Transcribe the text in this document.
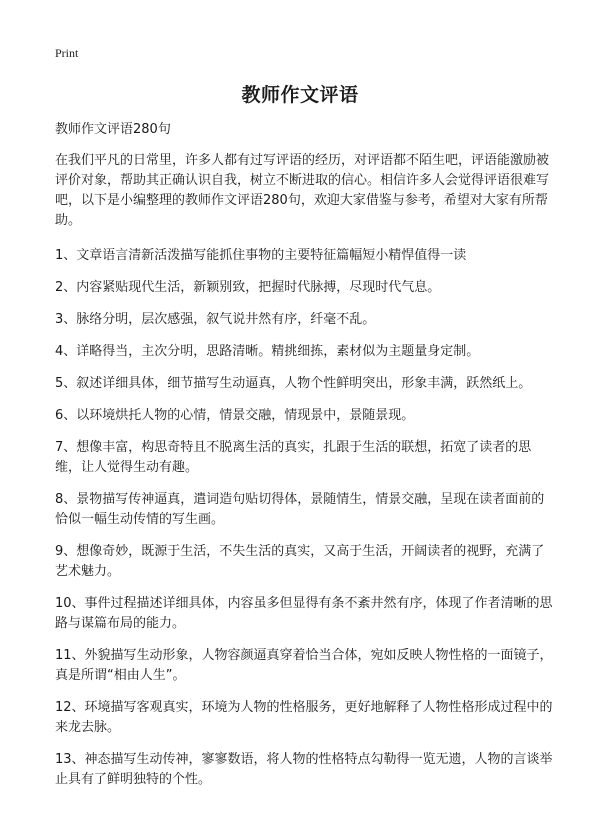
Print
教师作文评语

教师作文评语280句

在我们平凡的日常里，许多人都有过写评语的经历，对评语都不陌生吧，评语能激励被评价对象，帮助其正确认识自我，树立不断进取的信心。相信许多人会觉得评语很难写吧，以下是小编整理的教师作文评语280句，欢迎大家借鉴与参考，希望对大家有所帮助。

1、文章语言清新活泼描写能抓住事物的主要特征篇幅短小精悍值得一读
2、内容紧贴现代生活，新颖别致，把握时代脉搏，尽现时代气息。
3、脉络分明，层次感强，叙气说井然有序，纤毫不乱。
4、详略得当，主次分明，思路清晰。精挑细拣，素材似为主题量身定制。
5、叙述详细具体，细节描写生动逼真，人物个性鲜明突出，形象丰满，跃然纸上。
6、以环境烘托人物的心情，情景交融，情现景中，景随景现。
7、想像丰富，构思奇特且不脱离生活的真实，扎跟于生活的联想，拓宽了读者的思维，让人觉得生动有趣。
8、景物描写传神逼真，遣词造句贴切得体，景随情生，情景交融，呈现在读者面前的恰似一幅生动传情的写生画。
9、想像奇妙，既源于生活，不失生活的真实，又高于生活，开阔读者的视野，充满了艺术魅力。
10、事件过程描述详细具体，内容虽多但显得有条不紊井然有序，体现了作者清晰的思路与谋篇布局的能力。
11、外貌描写生动形象，人物容颜逼真穿着恰当合体，宛如反映人物性格的一面镜子，真是所谓“相由人生”。
12、环境描写客观真实，环境为人物的性格服务，更好地解释了人物性格形成过程中的来龙去脉。
13、神态描写生动传神，寥寥数语，将人物的性格特点勾勒得一览无遗，人物的言谈举止具有了鲜明独特的个性。
